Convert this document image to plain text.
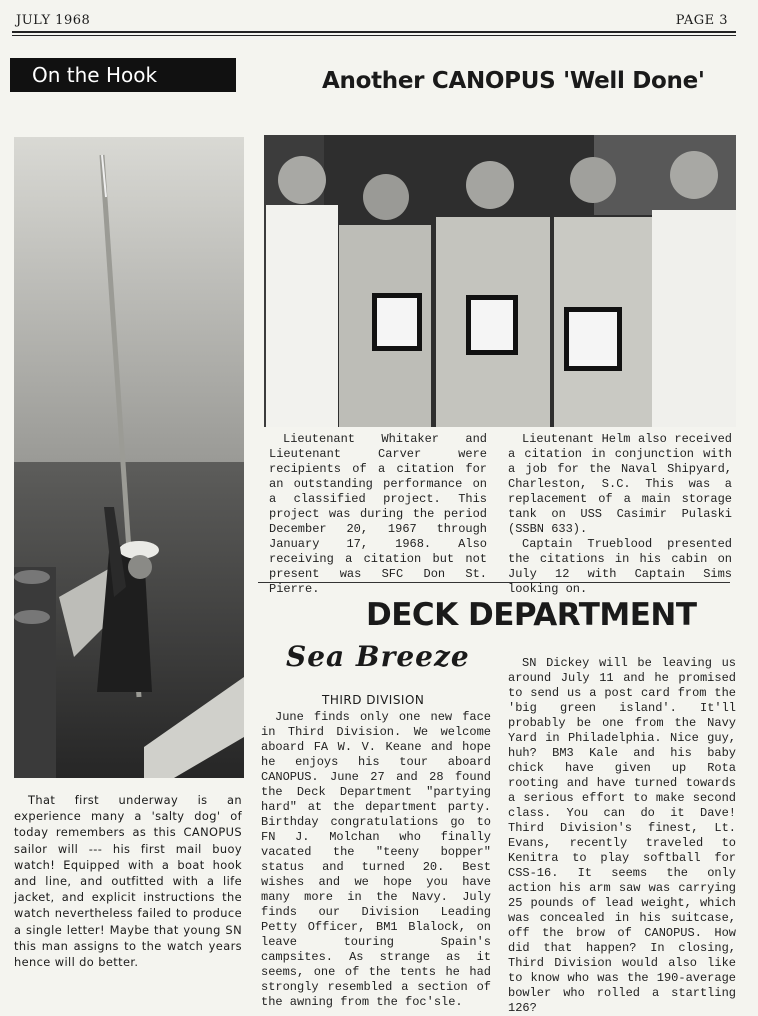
JULY 1968	PAGE 3
On the Hook

That first underway is an experience many a 'salty dog' of today remembers as this CANOPUS sailor will --- his first mail buoy watch! Equipped with a boat hook and line, and outfitted with a life jacket, and explicit instructions the watch nevertheless failed to produce a single letter! Maybe that young SN this man assigns to the watch years hence will do better.

Another CANOPUS 'Well Done'

Lieutenant Whitaker and Lieutenant Carver were recipients of a citation for an outstanding performance on a classified project. This project was during the period December 20, 1967 through January 17, 1968. Also receiving a citation but not present was SFC Don St. Pierre.

Lieutenant Helm also received a citation in conjunction with a job for the Naval Shipyard, Charleston, S.C. This was a replacement of a main storage tank on USS Casimir Pulaski (SSBN 633).

Captain Trueblood presented the citations in his cabin on July 12 with Captain Sims looking on.

DECK DEPARTMENT
Sea Breeze
THIRD DIVISION

June finds only one new face in Third Division. We welcome aboard FA W. V. Keane and hope he enjoys his tour aboard CANOPUS. June 27 and 28 found the Deck Department "partying hard" at the department party. Birthday congratulations go to FN J. Molchan who finally vacated the "teeny bopper" status and turned 20. Best wishes and we hope you have many more in the Navy. July finds our Division Leading Petty Officer, BM1 Blalock, on leave touring Spain's campsites. As strange as it seems, one of the tents he had strongly resembled a section of the awning from the foc'sle.

SN Dickey will be leaving us around July 11 and he promised to send us a post card from the 'big green island'. It'll probably be one from the Navy Yard in Philadelphia. Nice guy, huh? BM3 Kale and his baby chick have given up Rota rooting and have turned towards a serious effort to make second class. You can do it Dave! Third Division's finest, Lt. Evans, recently traveled to Kenitra to play softball for CSS-16. It seems the only action his arm saw was carrying 25 pounds of lead weight, which was concealed in his suitcase, off the brow of CANOPUS. How did that happen? In closing, Third Division would also like to know who was the 190-average bowler who rolled a startling 126?
